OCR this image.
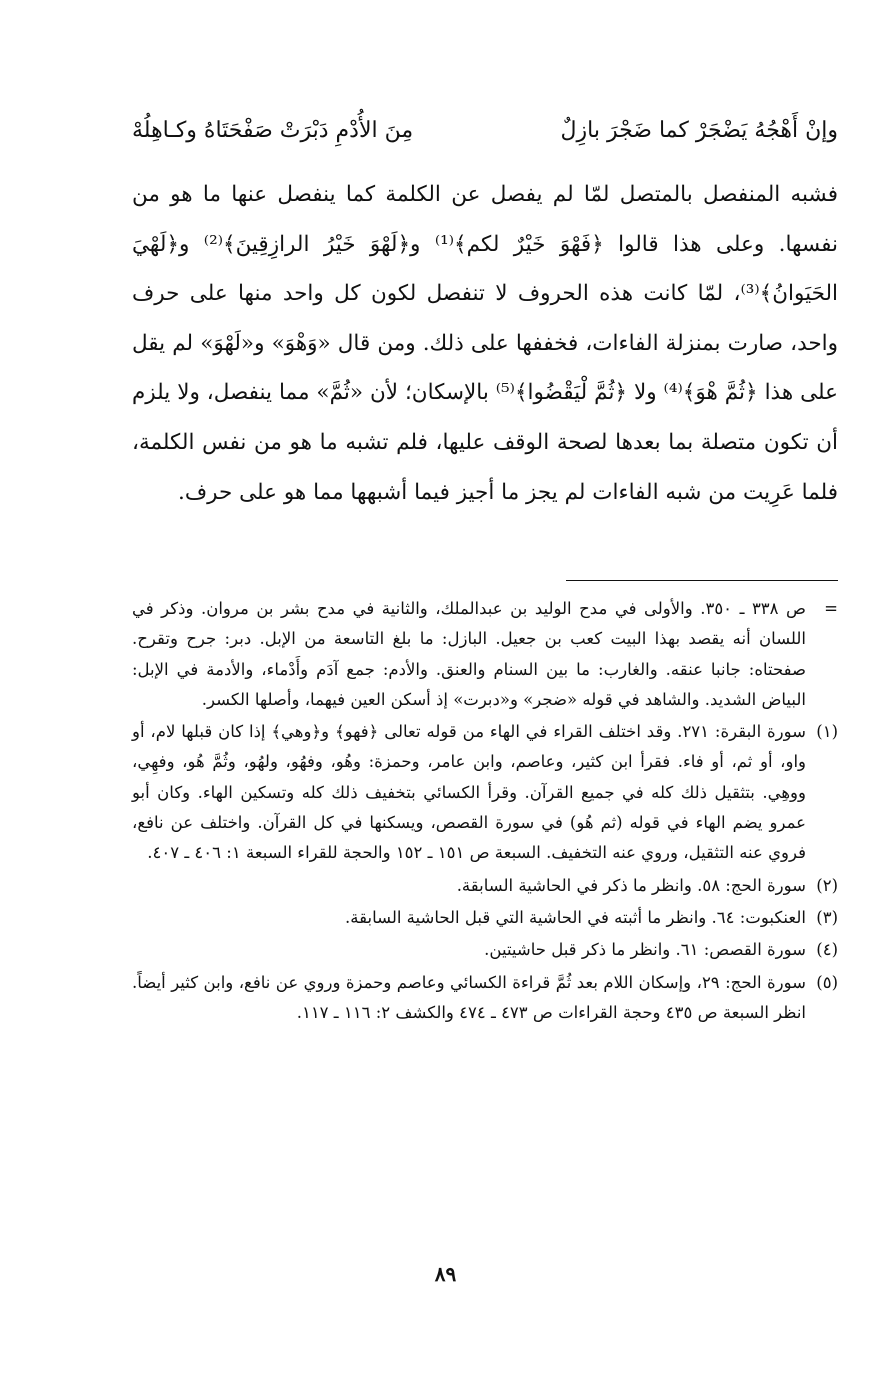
وإنْ أَهْجُهُ يَضْجَرْ كما ضَجْرَ بازِلٌ
مِنَ الأُدْمِ دَبْرَتْ صَفْحَتَاهُ وكـاهِلُهْ

فشبه المنفصل بالمتصل لمّا لم يفصل عن الكلمة كما ينفصل عنها ما هو من نفسها. وعلى هذا قالوا ﴿فَهْوَ خَيْرٌ لكم﴾⁽¹⁾ و﴿لَهْوَ خَيْرُ الرازِقِينَ﴾⁽²⁾ و﴿لَهْيَ الحَيَوانُ﴾⁽³⁾، لمّا كانت هذه الحروف لا تنفصل لكون كل واحد منها على حرف واحد، صارت بمنزلة الفاءات، فخففها على ذلك. ومن قال «وَهْوَ» و«لَهْوَ» لم يقل على هذا ﴿ثُمَّ هْوَ﴾⁽⁴⁾ ولا ﴿ثُمَّ لْيَقْضُوا﴾⁽⁵⁾ بالإسكان؛ لأن «ثُمَّ» مما ينفصل، ولا يلزم أن تكون متصلة بما بعدها لصحة الوقف عليها، فلم تشبه ما هو من نفس الكلمة، فلما عَرِيت من شبه الفاءات لم يجز ما أجيز فيما أشبهها مما هو على حرف.

=
ص ٣٣٨ ـ ٣٥٠. والأولى في مدح الوليد بن عبدالملك، والثانية في مدح بشر بن مروان. وذكر في اللسان أنه يقصد بهذا البيت كعب بن جعيل. البازل: ما بلغ التاسعة من الإبل. دبر: جرح وتقرح. صفحتاه: جانبا عنقه. والغارب: ما بين السنام والعنق. والأدم: جمع آدَم وأَدْماء، والأدمة في الإبل: البياض الشديد. والشاهد في قوله «ضجر» و«دبرت» إذ أسكن العين فيهما، وأصلها الكسر.
(١)
سورة البقرة: ٢٧١. وقد اختلف القراء في الهاء من قوله تعالى ﴿فهو﴾ و﴿وهي﴾ إذا كان قبلها لام، أو واو، أو ثم، أو فاء. فقرأ ابن كثير، وعاصم، وابن عامر، وحمزة: وهُو، وفهُو، ولهُو، وثُمَّ هُو، وفهِي، ووهِي. بتثقيل ذلك كله في جميع القرآن. وقرأ الكسائي بتخفيف ذلك كله وتسكين الهاء. وكان أبو عمرو يضم الهاء في قوله (ثم هُو) في سورة القصص، ويسكنها في كل القرآن. واختلف عن نافع، فروي عنه التثقيل، وروي عنه التخفيف. السبعة ص ١٥١ ـ ١٥٢ والحجة للقراء السبعة ١: ٤٠٦ ـ ٤٠٧.
(٢)
سورة الحج: ٥٨. وانظر ما ذكر في الحاشية السابقة.
(٣)
العنكبوت: ٦٤. وانظر ما أثبته في الحاشية التي قبل الحاشية السابقة.
(٤)
سورة القصص: ٦١. وانظر ما ذكر قبل حاشيتين.
(٥)
سورة الحج: ٢٩، وإسكان اللام بعد ثُمَّ قراءة الكسائي وعاصم وحمزة وروي عن نافع، وابن كثير أيضاً. انظر السبعة ص ٤٣٥ وحجة القراءات ص ٤٧٣ ـ ٤٧٤ والكشف ٢: ١١٦ ـ ١١٧.
٨٩
